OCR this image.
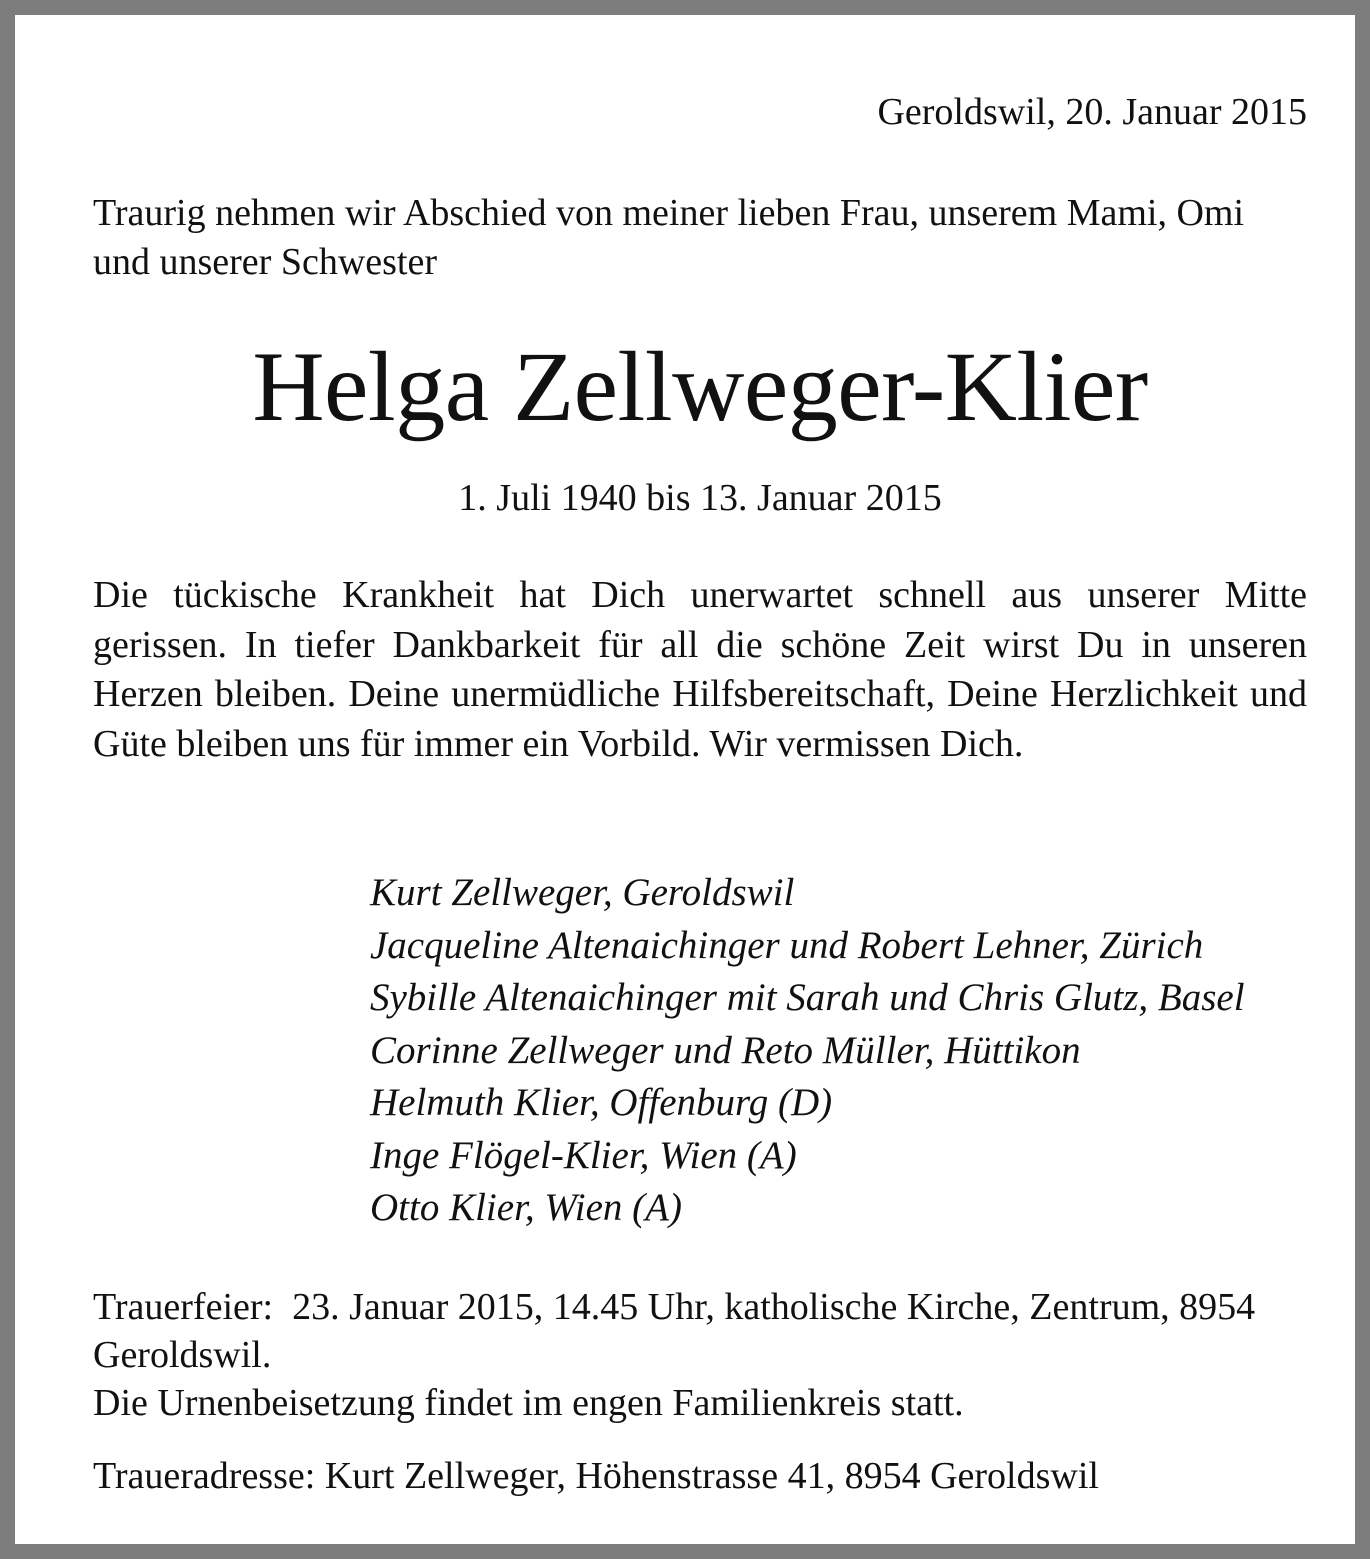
Geroldswil, 20. Januar 2015
Traurig nehmen wir Abschied von meiner lieben Frau, unserem Mami, Omi und unserer Schwester
Helga Zellweger-Klier
1. Juli 1940 bis 13. Januar 2015
Die tückische Krankheit hat Dich unerwartet schnell aus unserer Mitte gerissen. In tiefer Dankbarkeit für all die schöne Zeit wirst Du in unseren Herzen bleiben. Deine unermüdliche Hilfsbereitschaft, Deine Herzlichkeit und Güte bleiben uns für immer ein Vorbild. Wir vermissen Dich.
Kurt Zellweger, Geroldswil
Jacqueline Altenaichinger und Robert Lehner, Zürich
Sybille Altenaichinger mit Sarah und Chris Glutz, Basel
Corinne Zellweger und Reto Müller, Hüttikon
Helmuth Klier, Offenburg (D)
Inge Flögel-Klier, Wien (A)
Otto Klier, Wien (A)
Trauerfeier: 23. Januar 2015, 14.45 Uhr, katholische Kirche, Zentrum, 8954 Geroldswil.
Die Urnenbeisetzung findet im engen Familienkreis statt.
Traueradresse: Kurt Zellweger, Höhenstrasse 41, 8954 Geroldswil
